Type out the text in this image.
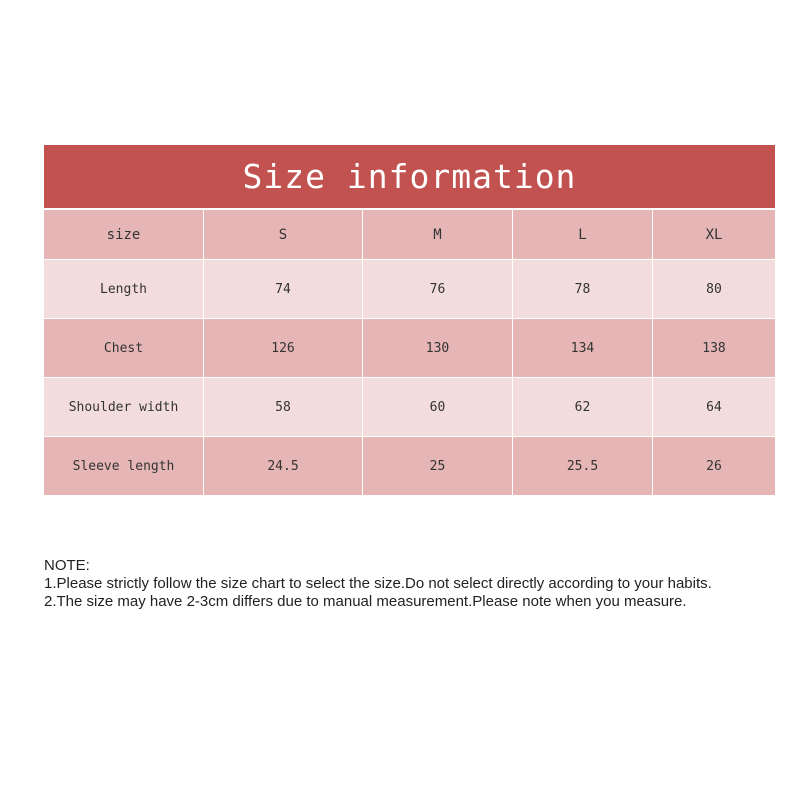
Size information
size	S	M	L	XL
Length	74	76	78	80
Chest	126	130	134	138
Shoulder width	58	60	62	64
Sleeve length	24.5	25	25.5	26
NOTE:
1.Please strictly follow the size chart to select the size.Do not select directly according to your habits.
2.The size may have 2-3cm differs due to manual measurement.Please note when you measure.
